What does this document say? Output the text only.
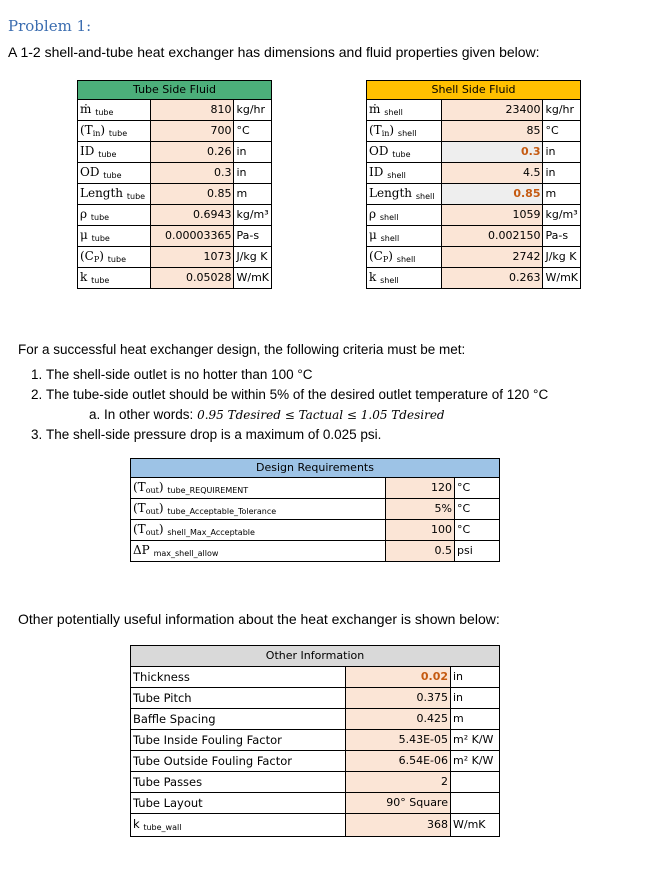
Problem 1:
A 1-2 shell-and-tube heat exchanger has dimensions and fluid properties given below:
Tube Side Fluid		
ṁ tube	810	kg/hr
(Tin) tube	700	°C
ID tube	0.26	in
OD tube	0.3	in
Length tube	0.85	m
ρ tube	0.6943	kg/m³
μ tube	0.00003365	Pa-s
(CP) tube	1073	J/kg K
k tube	0.05028	W/mK
Shell Side Fluid		
ṁ shell	23400	kg/hr
(Tin) shell	85	°C
OD tube	0.3	in
ID shell	4.5	in
Length shell	0.85	m
ρ shell	1059	kg/m³
μ shell	0.002150	Pa-s
(CP) shell	2742	J/kg K
k shell	0.263	W/mK
For a successful heat exchanger design, the following criteria must be met:
1. The shell-side outlet is no hotter than 100 °C
2. The tube-side outlet should be within 5% of the desired outlet temperature of 120 °C
3. The shell-side pressure drop is a maximum of 0.025 psi.
a. In other words: 0.95 Tdesired ≤ Tactual ≤ 1.05 Tdesired
Design Requirements		
(Tout) tube_REQUIREMENT	120	°C
(Tout) tube_Acceptable_Tolerance	5%	°C
(Tout) shell_Max_Acceptable	100	°C
ΔP max_shell_allow	0.5	psi
Other potentially useful information about the heat exchanger is shown below:
Other Information		
Thickness	0.02	in
Tube Pitch	0.375	in
Baffle Spacing	0.425	m
Tube Inside Fouling Factor	5.43E-05	m² K/W
Tube Outside Fouling Factor	6.54E-06	m² K/W
Tube Passes	2	
Tube Layout	90° Square	
k tube_wall	368	W/mK
